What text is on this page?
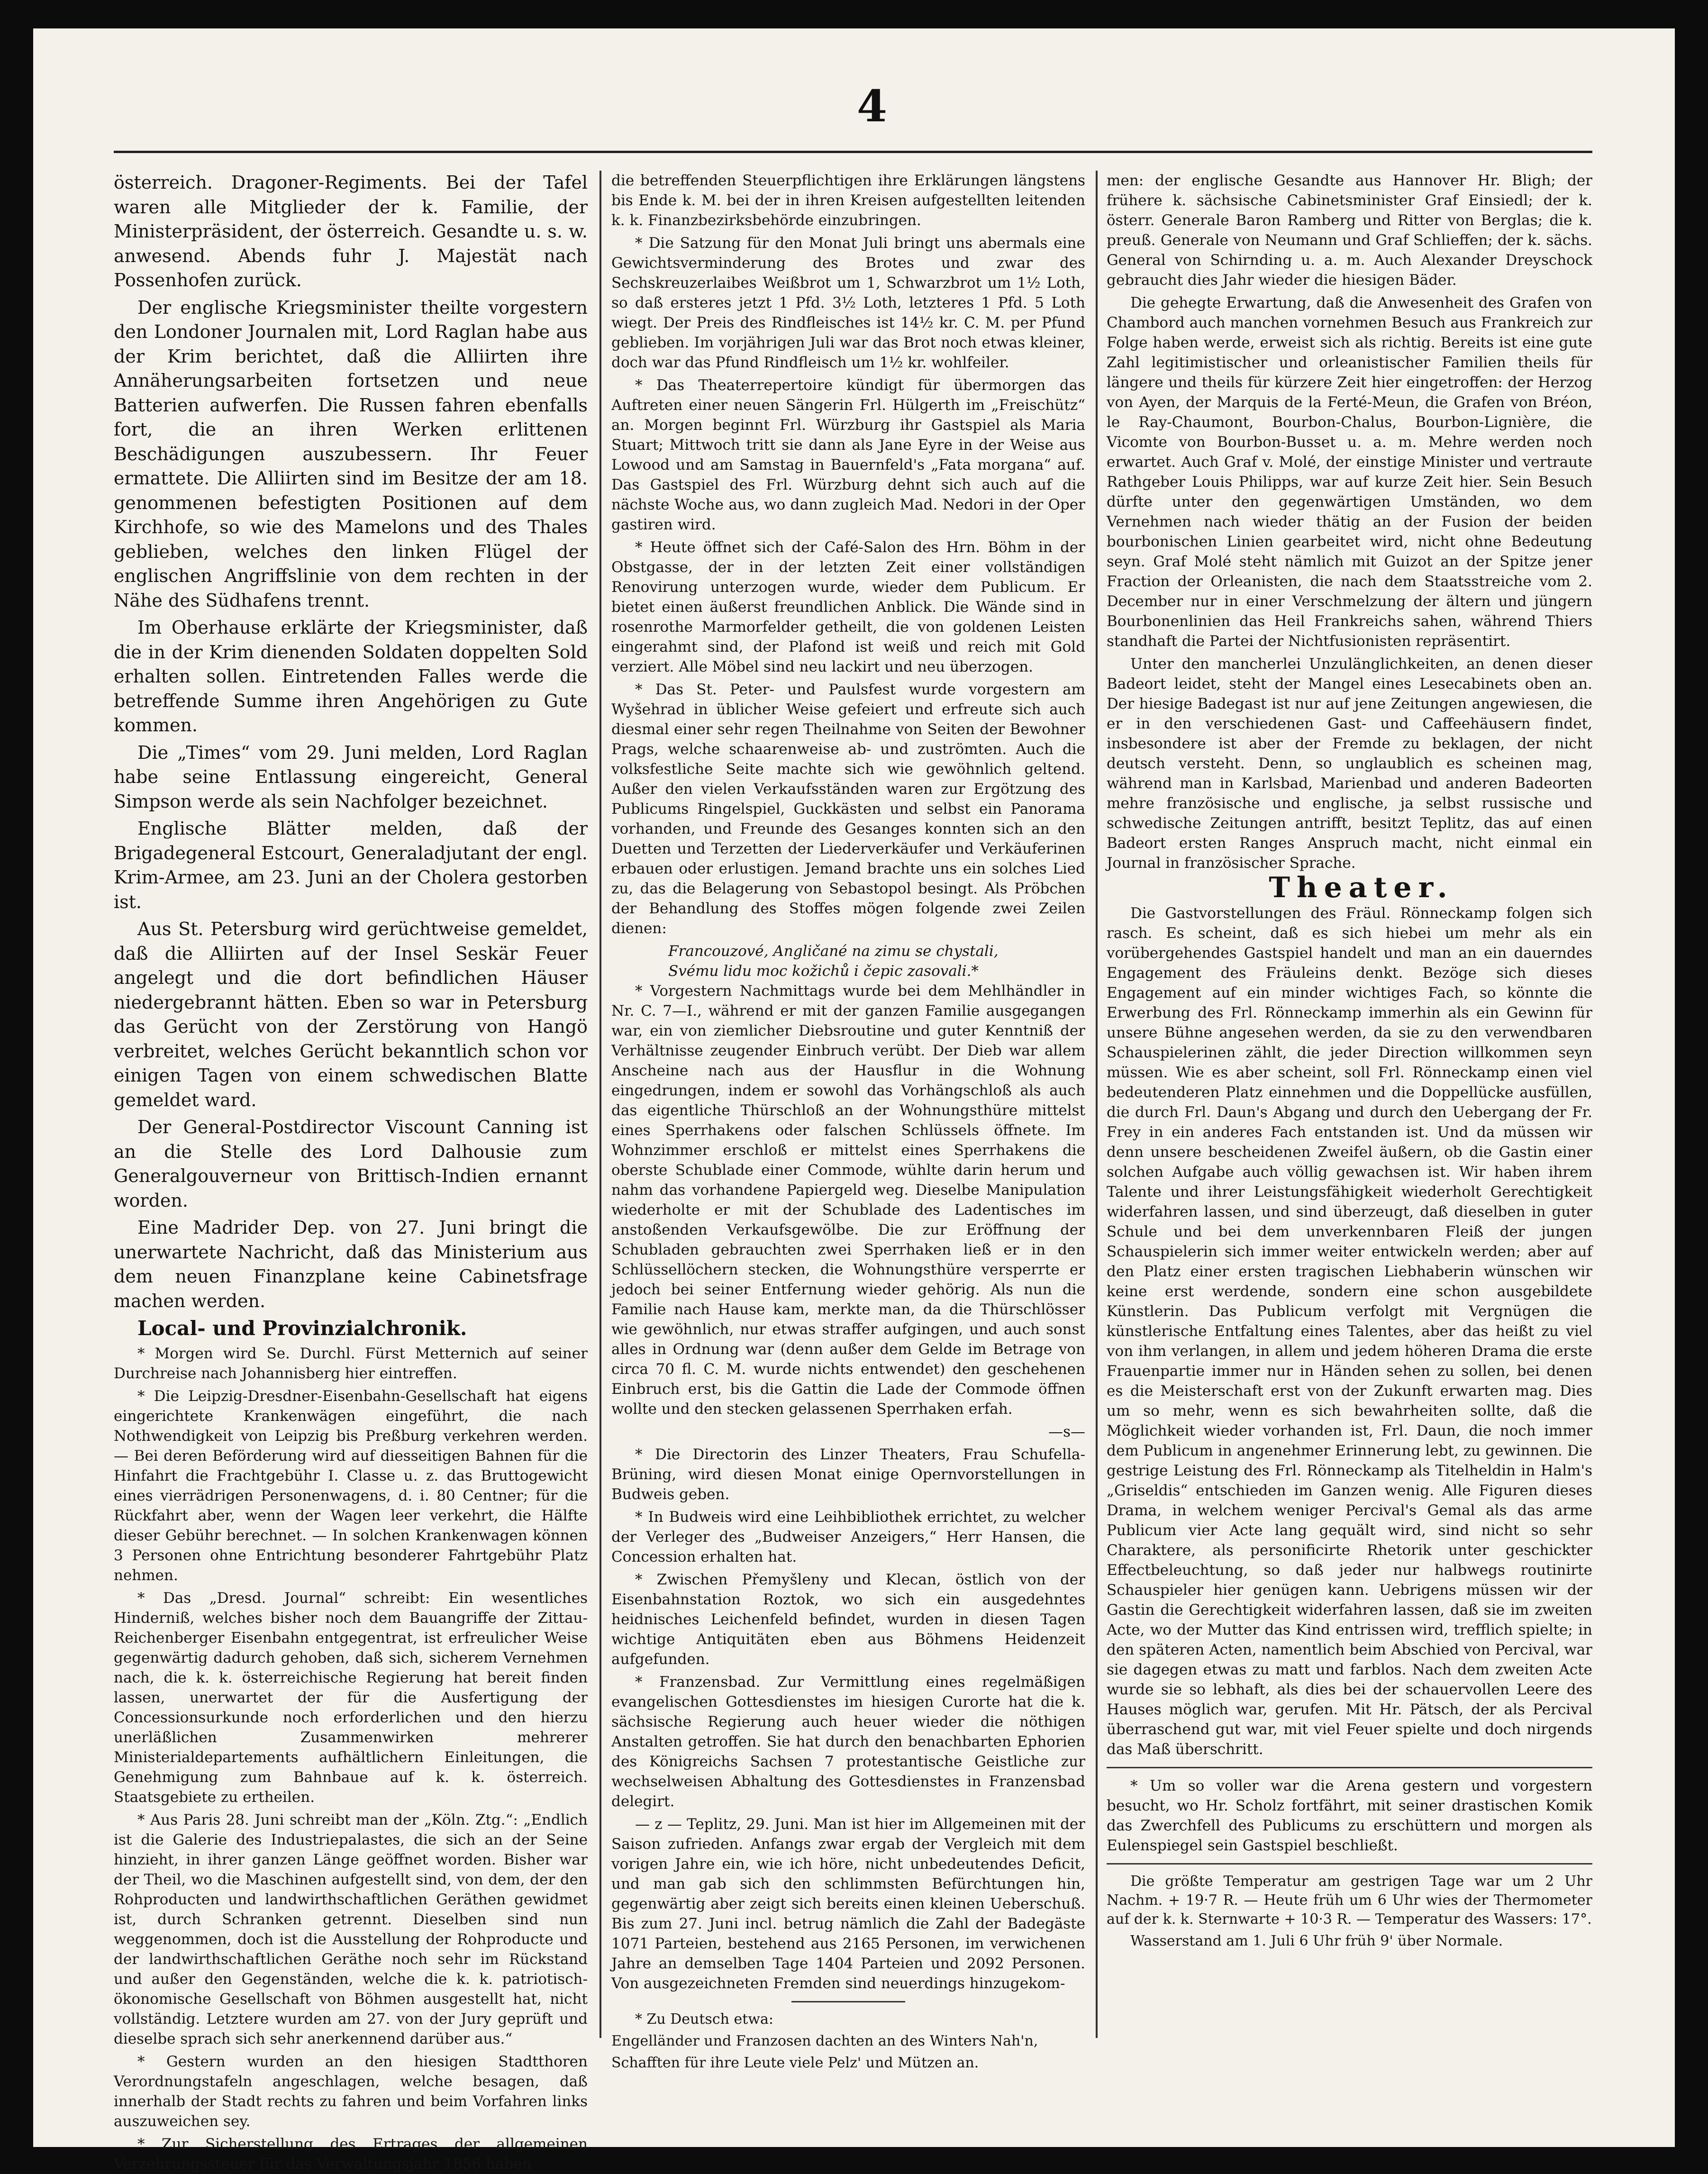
4

österreich. Dragoner-Regiments. Bei der Tafel waren alle Mitglieder der k. Familie, der Ministerpräsident, der österreich. Gesandte u. s. w. anwesend. Abends fuhr J. Majestät nach Possenhofen zurück.

Der englische Kriegsminister theilte vorgestern den Londoner Journalen mit, Lord Raglan habe aus der Krim berichtet, daß die Alliirten ihre Annäherungsarbeiten fortsetzen und neue Batterien aufwerfen. Die Russen fahren ebenfalls fort, die an ihren Werken erlittenen Beschädigungen auszubessern. Ihr Feuer ermattete. Die Alliirten sind im Besitze der am 18. genommenen befestigten Positionen auf dem Kirchhofe, so wie des Mamelons und des Thales geblieben, welches den linken Flügel der englischen Angriffslinie von dem rechten in der Nähe des Südhafens trennt.

Im Oberhause erklärte der Kriegsminister, daß die in der Krim dienenden Soldaten doppelten Sold erhalten sollen. Eintretenden Falles werde die betreffende Summe ihren Angehörigen zu Gute kommen.

Die „Times“ vom 29. Juni melden, Lord Raglan habe seine Entlassung eingereicht, General Simpson werde als sein Nachfolger bezeichnet.

Englische Blätter melden, daß der Brigadegeneral Estcourt, Generaladjutant der engl. Krim-Armee, am 23. Juni an der Cholera gestorben ist.

Aus St. Petersburg wird gerüchtweise gemeldet, daß die Alliirten auf der Insel Seskär Feuer angelegt und die dort befindlichen Häuser niedergebrannt hätten. Eben so war in Petersburg das Gerücht von der Zerstörung von Hangö verbreitet, welches Gerücht bekanntlich schon vor einigen Tagen von einem schwedischen Blatte gemeldet ward.

Der General-Postdirector Viscount Canning ist an die Stelle des Lord Dalhousie zum Generalgouverneur von Brittisch-Indien ernannt worden.

Eine Madrider Dep. von 27. Juni bringt die unerwartete Nachricht, daß das Ministerium aus dem neuen Finanzplane keine Cabinetsfrage machen werden.

Local- und Provinzialchronik.

* Morgen wird Se. Durchl. Fürst Metternich auf seiner Durchreise nach Johannisberg hier eintreffen.

* Die Leipzig-Dresdner-Eisenbahn-Gesellschaft hat eigens eingerichtete Krankenwägen eingeführt, die nach Nothwendigkeit von Leipzig bis Preßburg verkehren werden. — Bei deren Beförderung wird auf diesseitigen Bahnen für die Hinfahrt die Frachtgebühr I. Classe u. z. das Bruttogewicht eines vierrädrigen Personenwagens, d. i. 80 Centner; für die Rückfahrt aber, wenn der Wagen leer verkehrt, die Hälfte dieser Gebühr berechnet. — In solchen Krankenwagen können 3 Personen ohne Entrichtung besonderer Fahrtgebühr Platz nehmen.

* Das „Dresd. Journal“ schreibt: Ein wesentliches Hinderniß, welches bisher noch dem Bauangriffe der Zittau-Reichenberger Eisenbahn entgegentrat, ist erfreulicher Weise gegenwärtig dadurch gehoben, daß sich, sicherem Vernehmen nach, die k. k. österreichische Regierung hat bereit finden lassen, unerwartet der für die Ausfertigung der Concessionsurkunde noch erforderlichen und den hierzu unerläßlichen Zusammenwirken mehrerer Ministerialdepartements aufhältlichern Einleitungen, die Genehmigung zum Bahnbaue auf k. k. österreich. Staatsgebiete zu ertheilen.

* Aus Paris 28. Juni schreibt man der „Köln. Ztg.“: „Endlich ist die Galerie des Industriepalastes, die sich an der Seine hinzieht, in ihrer ganzen Länge geöffnet worden. Bisher war der Theil, wo die Maschinen aufgestellt sind, von dem, der den Rohproducten und landwirthschaftlichen Geräthen gewidmet ist, durch Schranken getrennt. Dieselben sind nun weggenommen, doch ist die Ausstellung der Rohproducte und der landwirthschaftlichen Geräthe noch sehr im Rückstand und außer den Gegenständen, welche die k. k. patriotisch-ökonomische Gesellschaft von Böhmen ausgestellt hat, nicht vollständig. Letztere wurden am 27. von der Jury geprüft und dieselbe sprach sich sehr anerkennend darüber aus.“

* Gestern wurden an den hiesigen Stadtthoren Verordnungstafeln angeschlagen, welche besagen, daß innerhalb der Stadt rechts zu fahren und beim Vorfahren links auszuweichen sey.

* Zur Sicherstellung des Ertrages der allgemeinen Verzehrungssteuer für das Verwaltungsjahr 1856 haben

die betreffenden Steuerpflichtigen ihre Erklärungen längstens bis Ende k. M. bei der in ihren Kreisen aufgestellten leitenden k. k. Finanzbezirksbehörde einzubringen.

* Die Satzung für den Monat Juli bringt uns abermals eine Gewichtsverminderung des Brotes und zwar des Sechskreuzerlaibes Weißbrot um 1, Schwarzbrot um 1½ Loth, so daß ersteres jetzt 1 Pfd. 3½ Loth, letzteres 1 Pfd. 5 Loth wiegt. Der Preis des Rindfleisches ist 14½ kr. C. M. per Pfund geblieben. Im vorjährigen Juli war das Brot noch etwas kleiner, doch war das Pfund Rindfleisch um 1½ kr. wohlfeiler.

* Das Theaterrepertoire kündigt für übermorgen das Auftreten einer neuen Sängerin Frl. Hülgerth im „Freischütz“ an. Morgen beginnt Frl. Würzburg ihr Gastspiel als Maria Stuart; Mittwoch tritt sie dann als Jane Eyre in der Weise aus Lowood und am Samstag in Bauernfeld's „Fata morgana“ auf. Das Gastspiel des Frl. Würzburg dehnt sich auch auf die nächste Woche aus, wo dann zugleich Mad. Nedori in der Oper gastiren wird.

* Heute öffnet sich der Café-Salon des Hrn. Böhm in der Obstgasse, der in der letzten Zeit einer vollständigen Renovirung unterzogen wurde, wieder dem Publicum. Er bietet einen äußerst freundlichen Anblick. Die Wände sind in rosenrothe Marmorfelder getheilt, die von goldenen Leisten eingerahmt sind, der Plafond ist weiß und reich mit Gold verziert. Alle Möbel sind neu lackirt und neu überzogen.

* Das St. Peter- und Paulsfest wurde vorgestern am Wyšehrad in üblicher Weise gefeiert und erfreute sich auch diesmal einer sehr regen Theilnahme von Seiten der Bewohner Prags, welche schaarenweise ab- und zuströmten. Auch die volksfestliche Seite machte sich wie gewöhnlich geltend. Außer den vielen Verkaufsständen waren zur Ergötzung des Publicums Ringelspiel, Guckkästen und selbst ein Panorama vorhanden, und Freunde des Gesanges konnten sich an den Duetten und Terzetten der Liederverkäufer und Verkäuferinen erbauen oder erlustigen. Jemand brachte uns ein solches Lied zu, das die Belagerung von Sebastopol besingt. Als Pröbchen der Behandlung des Stoffes mögen folgende zwei Zeilen dienen:

Francouzové, Angličané na zimu se chystali,

Svému lidu moc kožichů i čepic zasovali.*

* Vorgestern Nachmittags wurde bei dem Mehlhändler in Nr. C. 7—I., während er mit der ganzen Familie ausgegangen war, ein von ziemlicher Diebsroutine und guter Kenntniß der Verhältnisse zeugender Einbruch verübt. Der Dieb war allem Anscheine nach aus der Hausflur in die Wohnung eingedrungen, indem er sowohl das Vorhängschloß als auch das eigentliche Thürschloß an der Wohnungsthüre mittelst eines Sperrhakens oder falschen Schlüssels öffnete. Im Wohnzimmer erschloß er mittelst eines Sperrhakens die oberste Schublade einer Commode, wühlte darin herum und nahm das vorhandene Papiergeld weg. Dieselbe Manipulation wiederholte er mit der Schublade des Ladentisches im anstoßenden Verkaufsgewölbe. Die zur Eröffnung der Schubladen gebrauchten zwei Sperrhaken ließ er in den Schlüssellöchern stecken, die Wohnungsthüre versperrte er jedoch bei seiner Entfernung wieder gehörig. Als nun die Familie nach Hause kam, merkte man, da die Thürschlösser wie gewöhnlich, nur etwas straffer aufgingen, und auch sonst alles in Ordnung war (denn außer dem Gelde im Betrage von circa 70 fl. C. M. wurde nichts entwendet) den geschehenen Einbruch erst, bis die Gattin die Lade der Commode öffnen wollte und den stecken gelassenen Sperrhaken erfah.

—s—

* Die Directorin des Linzer Theaters, Frau Schufella-Brüning, wird diesen Monat einige Opernvorstellungen in Budweis geben.

* In Budweis wird eine Leihbibliothek errichtet, zu welcher der Verleger des „Budweiser Anzeigers,“ Herr Hansen, die Concession erhalten hat.

* Zwischen Přemyšleny und Klecan, östlich von der Eisenbahnstation Roztok, wo sich ein ausgedehntes heidnisches Leichenfeld befindet, wurden in diesen Tagen wichtige Antiquitäten eben aus Böhmens Heidenzeit aufgefunden.

* Franzensbad. Zur Vermittlung eines regelmäßigen evangelischen Gottesdienstes im hiesigen Curorte hat die k. sächsische Regierung auch heuer wieder die nöthigen Anstalten getroffen. Sie hat durch den benachbarten Ephorien des Königreichs Sachsen 7 protestantische Geistliche zur wechselweisen Abhaltung des Gottesdienstes in Franzensbad delegirt.

— z — Teplitz, 29. Juni. Man ist hier im Allgemeinen mit der Saison zufrieden. Anfangs zwar ergab der Vergleich mit dem vorigen Jahre ein, wie ich höre, nicht unbedeutendes Deficit, und man gab sich den schlimmsten Befürchtungen hin, gegenwärtig aber zeigt sich bereits einen kleinen Ueberschuß. Bis zum 27. Juni incl. betrug nämlich die Zahl der Badegäste 1071 Parteien, bestehend aus 2165 Personen, im verwichenen Jahre an demselben Tage 1404 Parteien und 2092 Personen. Von ausgezeichneten Fremden sind neuerdings hinzugekom-

* Zu Deutsch etwa:

Engelländer und Franzosen dachten an des Winters Nah'n,

Schafften für ihre Leute viele Pelz' und Mützen an.

men: der englische Gesandte aus Hannover Hr. Bligh; der frühere k. sächsische Cabinetsminister Graf Einsiedl; der k. österr. Generale Baron Ramberg und Ritter von Berglas; die k. preuß. Generale von Neumann und Graf Schlieffen; der k. sächs. General von Schirnding u. a. m. Auch Alexander Dreyschock gebraucht dies Jahr wieder die hiesigen Bäder.

Die gehegte Erwartung, daß die Anwesenheit des Grafen von Chambord auch manchen vornehmen Besuch aus Frankreich zur Folge haben werde, erweist sich als richtig. Bereits ist eine gute Zahl legitimistischer und orleanistischer Familien theils für längere und theils für kürzere Zeit hier eingetroffen: der Herzog von Ayen, der Marquis de la Ferté-Meun, die Grafen von Bréon, le Ray-Chaumont, Bourbon-Chalus, Bourbon-Lignière, die Vicomte von Bourbon-Busset u. a. m. Mehre werden noch erwartet. Auch Graf v. Molé, der einstige Minister und vertraute Rathgeber Louis Philipps, war auf kurze Zeit hier. Sein Besuch dürfte unter den gegenwärtigen Umständen, wo dem Vernehmen nach wieder thätig an der Fusion der beiden bourbonischen Linien gearbeitet wird, nicht ohne Bedeutung seyn. Graf Molé steht nämlich mit Guizot an der Spitze jener Fraction der Orleanisten, die nach dem Staatsstreiche vom 2. December nur in einer Verschmelzung der ältern und jüngern Bourbonenlinien das Heil Frankreichs sahen, während Thiers standhaft die Partei der Nichtfusionisten repräsentirt.

Unter den mancherlei Unzulänglichkeiten, an denen dieser Badeort leidet, steht der Mangel eines Lesecabinets oben an. Der hiesige Badegast ist nur auf jene Zeitungen angewiesen, die er in den verschiedenen Gast- und Caffeehäusern findet, insbesondere ist aber der Fremde zu beklagen, der nicht deutsch versteht. Denn, so unglaublich es scheinen mag, während man in Karlsbad, Marienbad und anderen Badeorten mehre französische und englische, ja selbst russische und schwedische Zeitungen antrifft, besitzt Teplitz, das auf einen Badeort ersten Ranges Anspruch macht, nicht einmal ein Journal in französischer Sprache.

Theater.

Die Gastvorstellungen des Fräul. Rönneckamp folgen sich rasch. Es scheint, daß es sich hiebei um mehr als ein vorübergehendes Gastspiel handelt und man an ein dauerndes Engagement des Fräuleins denkt. Bezöge sich dieses Engagement auf ein minder wichtiges Fach, so könnte die Erwerbung des Frl. Rönneckamp immerhin als ein Gewinn für unsere Bühne angesehen werden, da sie zu den verwendbaren Schauspielerinen zählt, die jeder Direction willkommen seyn müssen. Wie es aber scheint, soll Frl. Rönneckamp einen viel bedeutenderen Platz einnehmen und die Doppellücke ausfüllen, die durch Frl. Daun's Abgang und durch den Uebergang der Fr. Frey in ein anderes Fach entstanden ist. Und da müssen wir denn unsere bescheidenen Zweifel äußern, ob die Gastin einer solchen Aufgabe auch völlig gewachsen ist. Wir haben ihrem Talente und ihrer Leistungsfähigkeit wiederholt Gerechtigkeit widerfahren lassen, und sind überzeugt, daß dieselben in guter Schule und bei dem unverkennbaren Fleiß der jungen Schauspielerin sich immer weiter entwickeln werden; aber auf den Platz einer ersten tragischen Liebhaberin wünschen wir keine erst werdende, sondern eine schon ausgebildete Künstlerin. Das Publicum verfolgt mit Vergnügen die künstlerische Entfaltung eines Talentes, aber das heißt zu viel von ihm verlangen, in allem und jedem höheren Drama die erste Frauenpartie immer nur in Händen sehen zu sollen, bei denen es die Meisterschaft erst von der Zukunft erwarten mag. Dies um so mehr, wenn es sich bewahrheiten sollte, daß die Möglichkeit wieder vorhanden ist, Frl. Daun, die noch immer dem Publicum in angenehmer Erinnerung lebt, zu gewinnen. Die gestrige Leistung des Frl. Rönneckamp als Titelheldin in Halm's „Griseldis“ entschieden im Ganzen wenig. Alle Figuren dieses Drama, in welchem weniger Percival's Gemal als das arme Publicum vier Acte lang gequält wird, sind nicht so sehr Charaktere, als personificirte Rhetorik unter geschickter Effectbeleuchtung, so daß jeder nur halbwegs routinirte Schauspieler hier genügen kann. Uebrigens müssen wir der Gastin die Gerechtigkeit widerfahren lassen, daß sie im zweiten Acte, wo der Mutter das Kind entrissen wird, trefflich spielte; in den späteren Acten, namentlich beim Abschied von Percival, war sie dagegen etwas zu matt und farblos. Nach dem zweiten Acte wurde sie so lebhaft, als dies bei der schauervollen Leere des Hauses möglich war, gerufen. Mit Hr. Pätsch, der als Percival überraschend gut war, mit viel Feuer spielte und doch nirgends das Maß überschritt.

* Um so voller war die Arena gestern und vorgestern besucht, wo Hr. Scholz fortfährt, mit seiner drastischen Komik das Zwerchfell des Publicums zu erschüttern und morgen als Eulenspiegel sein Gastspiel beschließt.

Die größte Temperatur am gestrigen Tage war um 2 Uhr Nachm. + 19·7 R. — Heute früh um 6 Uhr wies der Thermometer auf der k. k. Sternwarte + 10·3 R. — Temperatur des Wassers: 17°.

Wasserstand am 1. Juli 6 Uhr früh 9' über Normale.
